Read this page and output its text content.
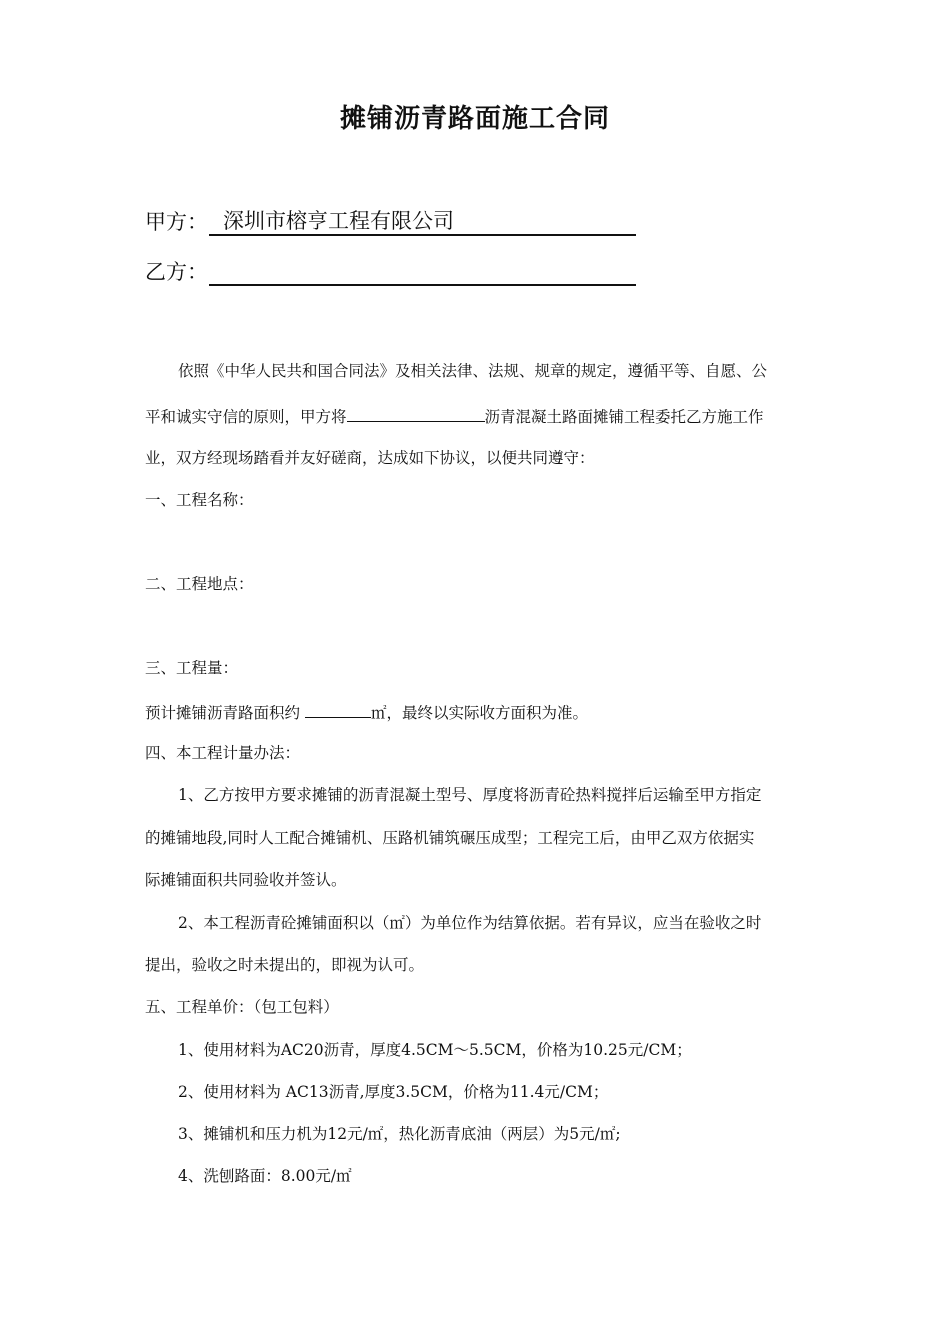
摊铺沥青路面施工合同
甲方： 深圳市榕亨工程有限公司
乙方：
依照《中华人民共和国合同法》及相关法律、法规、规章的规定，遵循平等、自愿、公
平和诚实守信的原则，甲方将	沥青混凝土路面摊铺工程委托乙方施工作
业，双方经现场踏看并友好磋商，达成如下协议，以便共同遵守：
一、工程名称：
二、工程地点：
三、工程量：
预计摊铺沥青路面积约	㎡，最终以实际收方面积为准。
四、本工程计量办法：
1、乙方按甲方要求摊铺的沥青混凝土型号、厚度将沥青砼热料搅拌后运输至甲方指定
的摊铺地段,同时人工配合摊铺机、压路机铺筑碾压成型；工程完工后，由甲乙双方依据实
际摊铺面积共同验收并签认。
2、本工程沥青砼摊铺面积以（㎡）为单位作为结算依据。若有异议，应当在验收之时
提出，验收之时未提出的，即视为认可。
五、工程单价：（包工包料）
1、使用材料为AC20沥青，厚度4.5CM～5.5CM，价格为10.25元/CM；
2、使用材料为 AC13沥青,厚度3.5CM，价格为11.4元/CM；
3、摊铺机和压力机为12元/㎡，热化沥青底油（两层）为5元/㎡;
4、洗刨路面：8.00元/㎡
